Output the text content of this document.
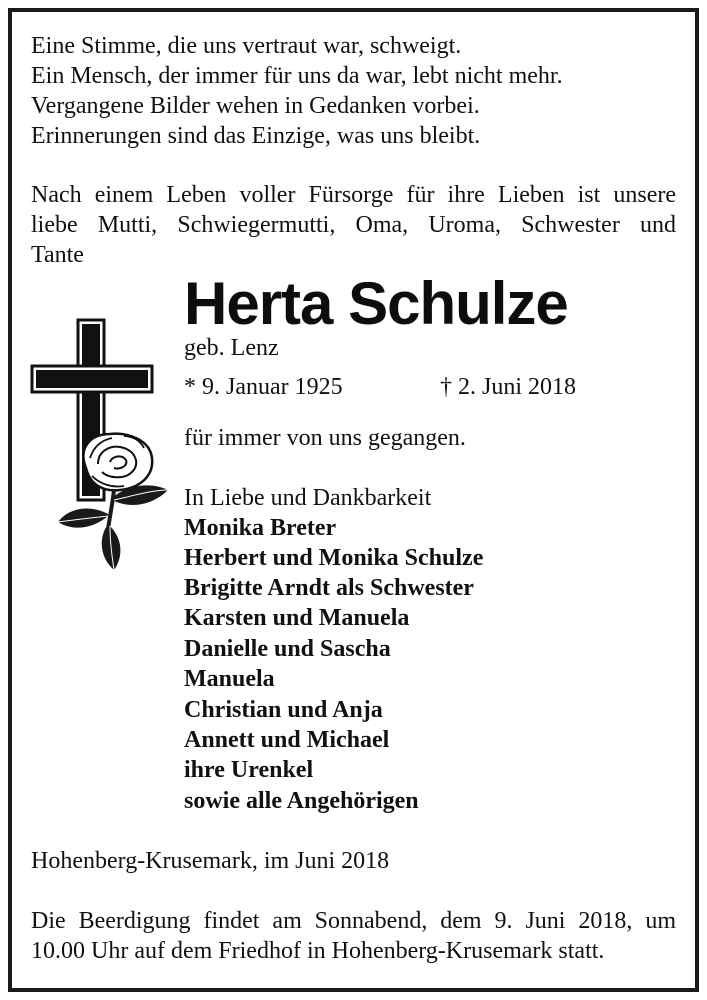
Eine Stimme, die uns vertraut war, schweigt.
Ein Mensch, der immer für uns da war, lebt nicht mehr.
Vergangene Bilder wehen in Gedanken vorbei.
Erinnerungen sind das Einzige, was uns bleibt.
Nach einem Leben voller Fürsorge für ihre Lieben ist unsere
liebe Mutti, Schwiegermutti, Oma, Uroma, Schwester und
Tante
Herta Schulze
geb. Lenz
* 9. Januar 1925	† 2. Juni 2018
für immer von uns gegangen.
In Liebe und Dankbarkeit
Monika Breter
Herbert und Monika Schulze
Brigitte Arndt als Schwester
Karsten und Manuela
Danielle und Sascha
Manuela
Christian und Anja
Annett und Michael
ihre Urenkel
sowie alle Angehörigen
Hohenberg-Krusemark, im Juni 2018
Die Beerdigung findet am Sonnabend, dem 9. Juni 2018, um
10.00 Uhr auf dem Friedhof in Hohenberg-Krusemark statt.
